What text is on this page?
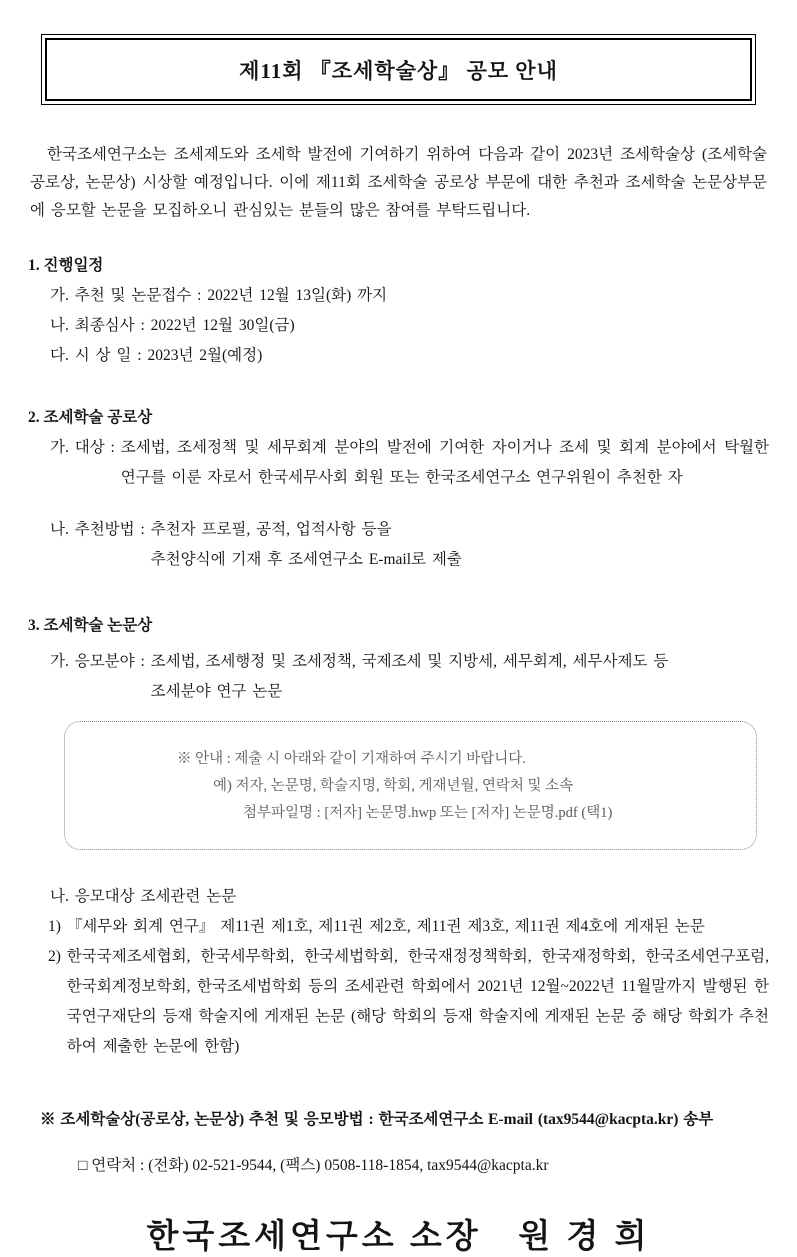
제11회 『조세학술상』 공모 안내

한국조세연구소는 조세제도와 조세학 발전에 기여하기 위하여 다음과 같이 2023년 조세학술상 (조세학술 공로상, 논문상) 시상할 예정입니다. 이에 제11회 조세학술 공로상 부문에 대한 추천과 조세학술 논문상부문에 응모할 논문을 모집하오니 관심있는 분들의 많은 참여를 부탁드립니다.

1. 진행일정

가. 추천 및 논문접수 : 2022년 12월 13일(화) 까지
나. 최종심사 : 2022년 12월 30일(금)
다. 시 상 일 : 2023년 2월(예정)

2. 조세학술 공로상

가. 대상 : 조세법, 조세정책 및 세무회계 분야의 발전에 기여한 자이거나 조세 및 회계 분야에서 탁월한 연구를 이룬 자로서 한국세무사회 회원 또는 한국조세연구소 연구위원이 추천한 자
나. 추천방법 : 추천자 프로필, 공적, 업적사항 등을
추천양식에 기재 후 조세연구소 E-mail로 제출

3. 조세학술 논문상

가. 응모분야 : 조세법, 조세행정 및 조세정책, 국제조세 및 지방세, 세무회계, 세무사제도 등
조세분야 연구 논문
※ 안내 : 제출 시 아래와 같이 기재하여 주시기 바랍니다.
예) 저자, 논문명, 학술지명, 학회, 게재년월, 연락처 및 소속
첨부파일명 : [저자] 논문명.hwp 또는 [저자] 논문명.pdf (택1)
나. 응모대상 조세관련 논문
1) 『세무와 회계 연구』 제11권 제1호, 제11권 제2호, 제11권 제3호, 제11권 제4호에 게재된 논문
2) 한국국제조세협회, 한국세무학회, 한국세법학회, 한국재정정책학회, 한국재정학회, 한국조세연구포럼, 한국회계정보학회, 한국조세법학회 등의 조세관련 학회에서 2021년 12월~2022년 11월말까지 발행된 한국연구재단의 등재 학술지에 게재된 논문 (해당 학회의 등재 학술지에 게재된 논문 중 해당 학회가 추천하여 제출한 논문에 한함)
※ 조세학술상(공로상, 논문상) 추천 및 응모방법 : 한국조세연구소 E-mail (tax9544@kacpta.kr) 송부
□ 연락처 : (전화) 02-521-9544, (팩스) 0508-118-1854, tax9544@kacpta.kr
한국조세연구소 소장   원 경 희
